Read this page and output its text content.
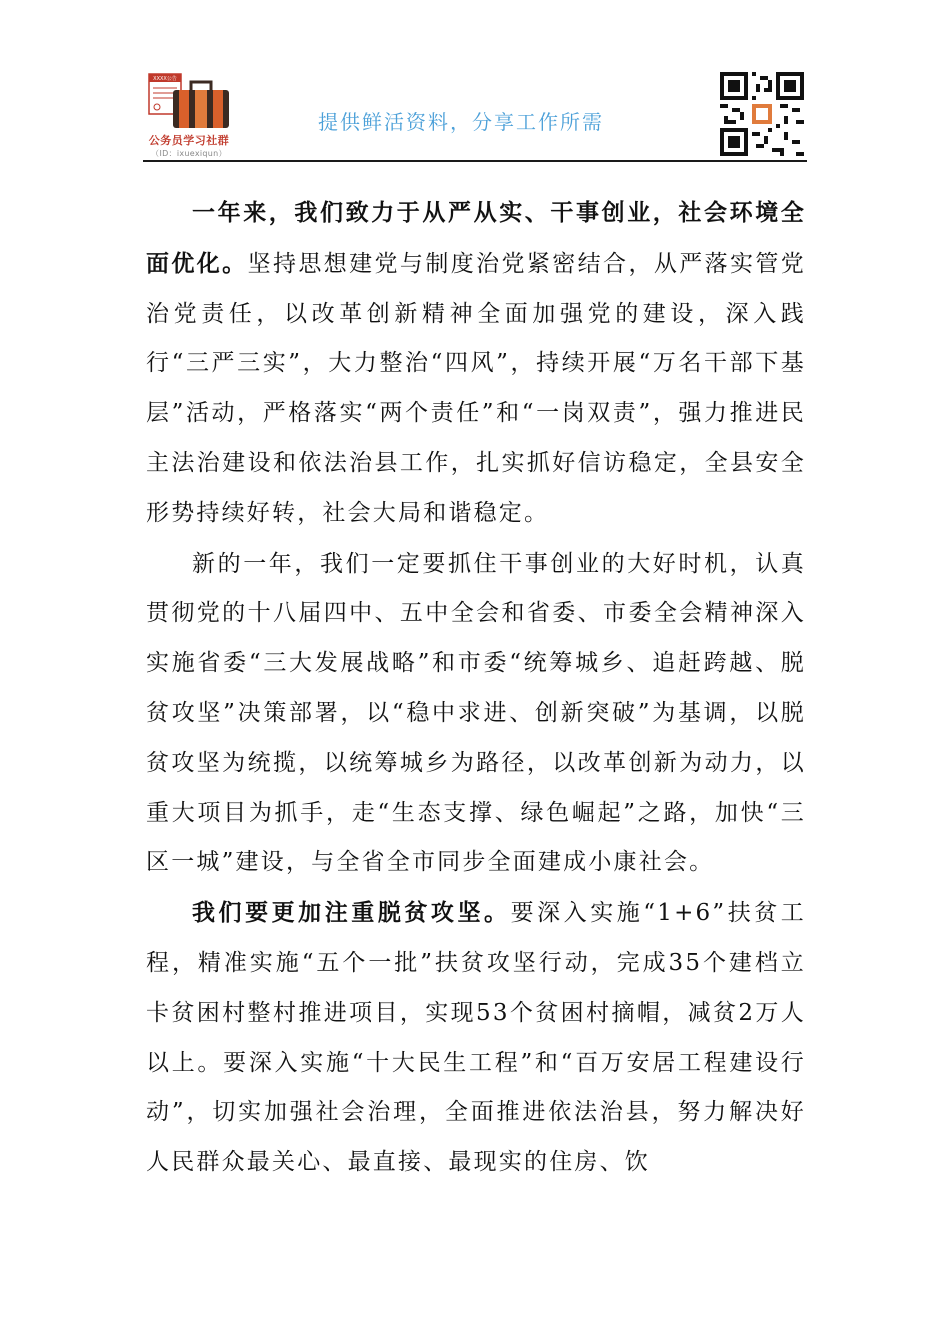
公务员学习社群
（ID：ixuexiqun）
XXXX公告
提供鲜活资料，分享工作所需

一年来，我们致力于从严从实、干事创业，社会环境全面优化。坚持思想建党与制度治党紧密结合，从严落实管党治党责任，以改革创新精神全面加强党的建设，深入践行“三严三实”，大力整治“四风”，持续开展“万名干部下基层”活动，严格落实“两个责任”和“一岗双责”，强力推进民主法治建设和依法治县工作，扎实抓好信访稳定，全县安全形势持续好转，社会大局和谐稳定。

新的一年，我们一定要抓住干事创业的大好时机，认真贯彻党的十八届四中、五中全会和省委、市委全会精神深入实施省委“三大发展战略”和市委“统筹城乡、追赶跨越、脱贫攻坚”决策部署，以“稳中求进、创新突破”为基调，以脱贫攻坚为统揽，以统筹城乡为路径，以改革创新为动力，以重大项目为抓手，走“生态支撑、绿色崛起”之路，加快“三区一城”建设，与全省全市同步全面建成小康社会。

我们要更加注重脱贫攻坚。要深入实施“1+6”扶贫工程，精准实施“五个一批”扶贫攻坚行动，完成35个建档立卡贫困村整村推进项目，实现53个贫困村摘帽，减贫2万人以上。要深入实施“十大民生工程”和“百万安居工程建设行动”，切实加强社会治理，全面推进依法治县，努力解决好人民群众最关心、最直接、最现实的住房、饮
